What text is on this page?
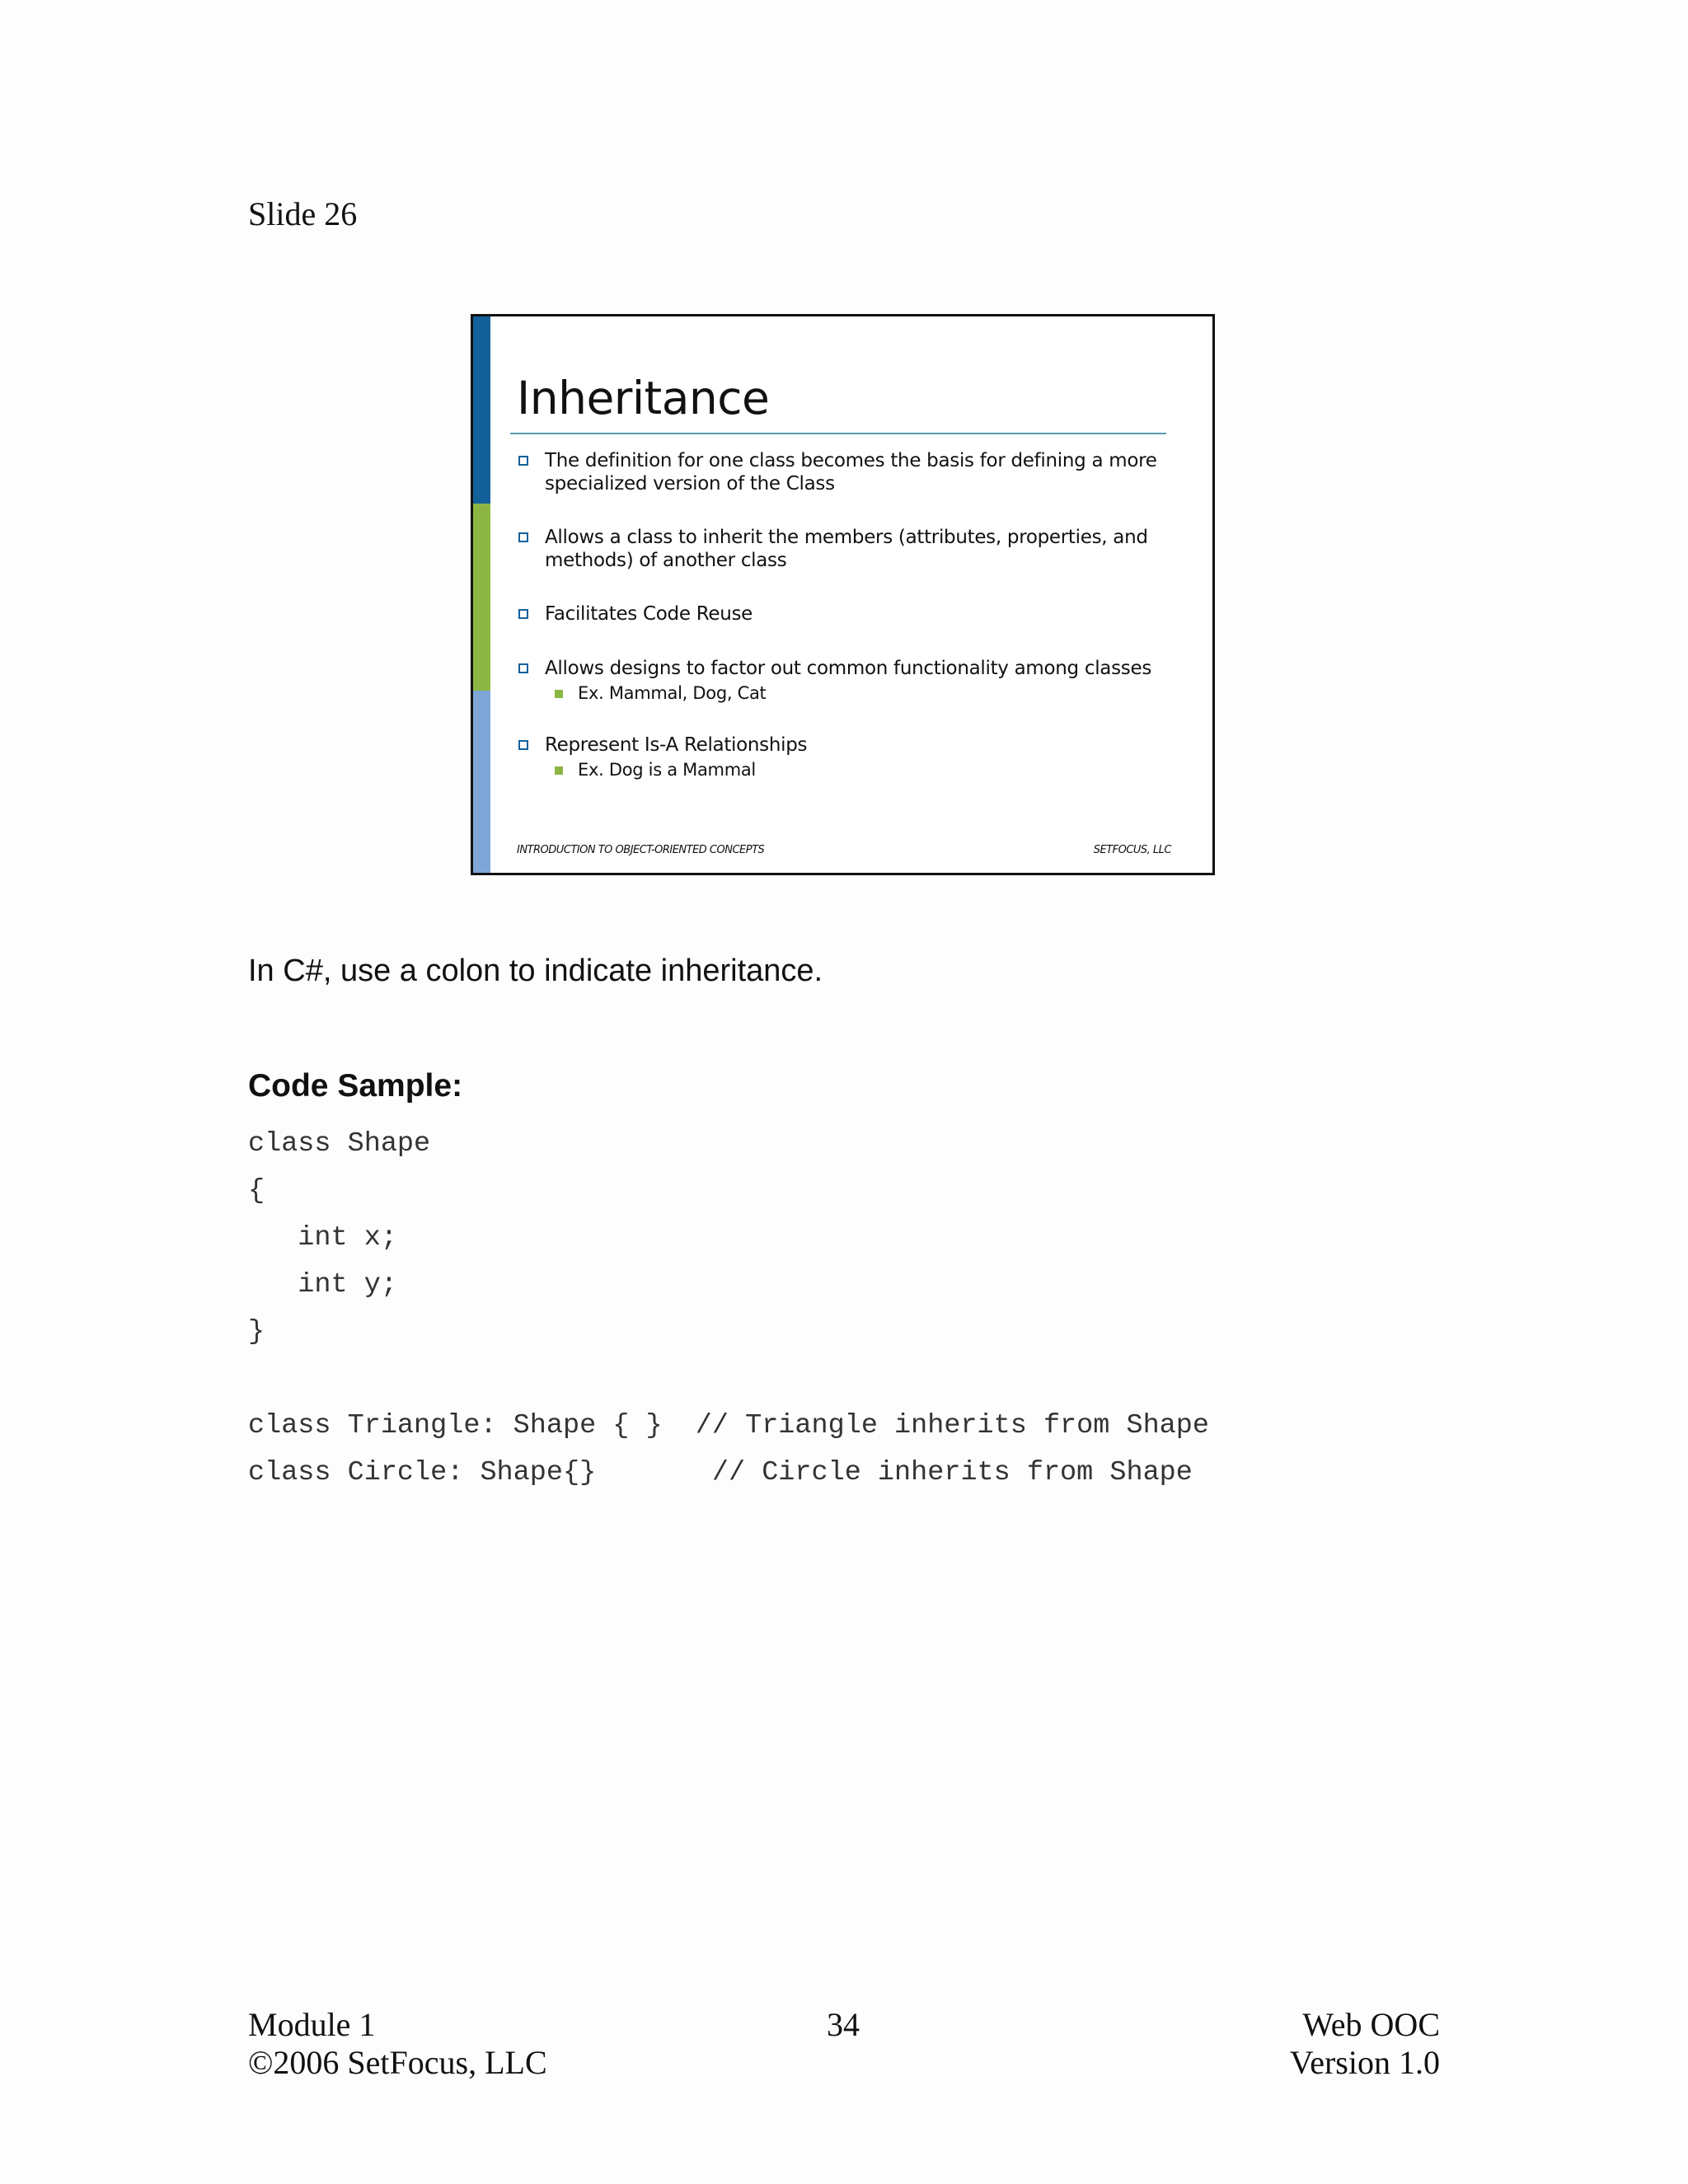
Slide 26
Inheritance
The definition for one class becomes the basis for defining a more specialized version of the Class
Allows a class to inherit the members (attributes, properties, and methods) of another class
Facilitates Code Reuse
Allows designs to factor out common functionality among classes
Ex. Mammal, Dog, Cat
Represent Is-A Relationships
Ex. Dog is a Mammal
INTRODUCTION TO OBJECT-ORIENTED CONCEPTS	SETFOCUS, LLC
In C#, use a colon to indicate inheritance.
Code Sample:
class Shape
{
int x;
int y;
}
class Triangle: Shape { }  // Triangle inherits from Shape
class Circle: Shape{}       // Circle inherits from Shape
Module 1
©2006 SetFocus, LLC
34	Web OOC
Version 1.0
